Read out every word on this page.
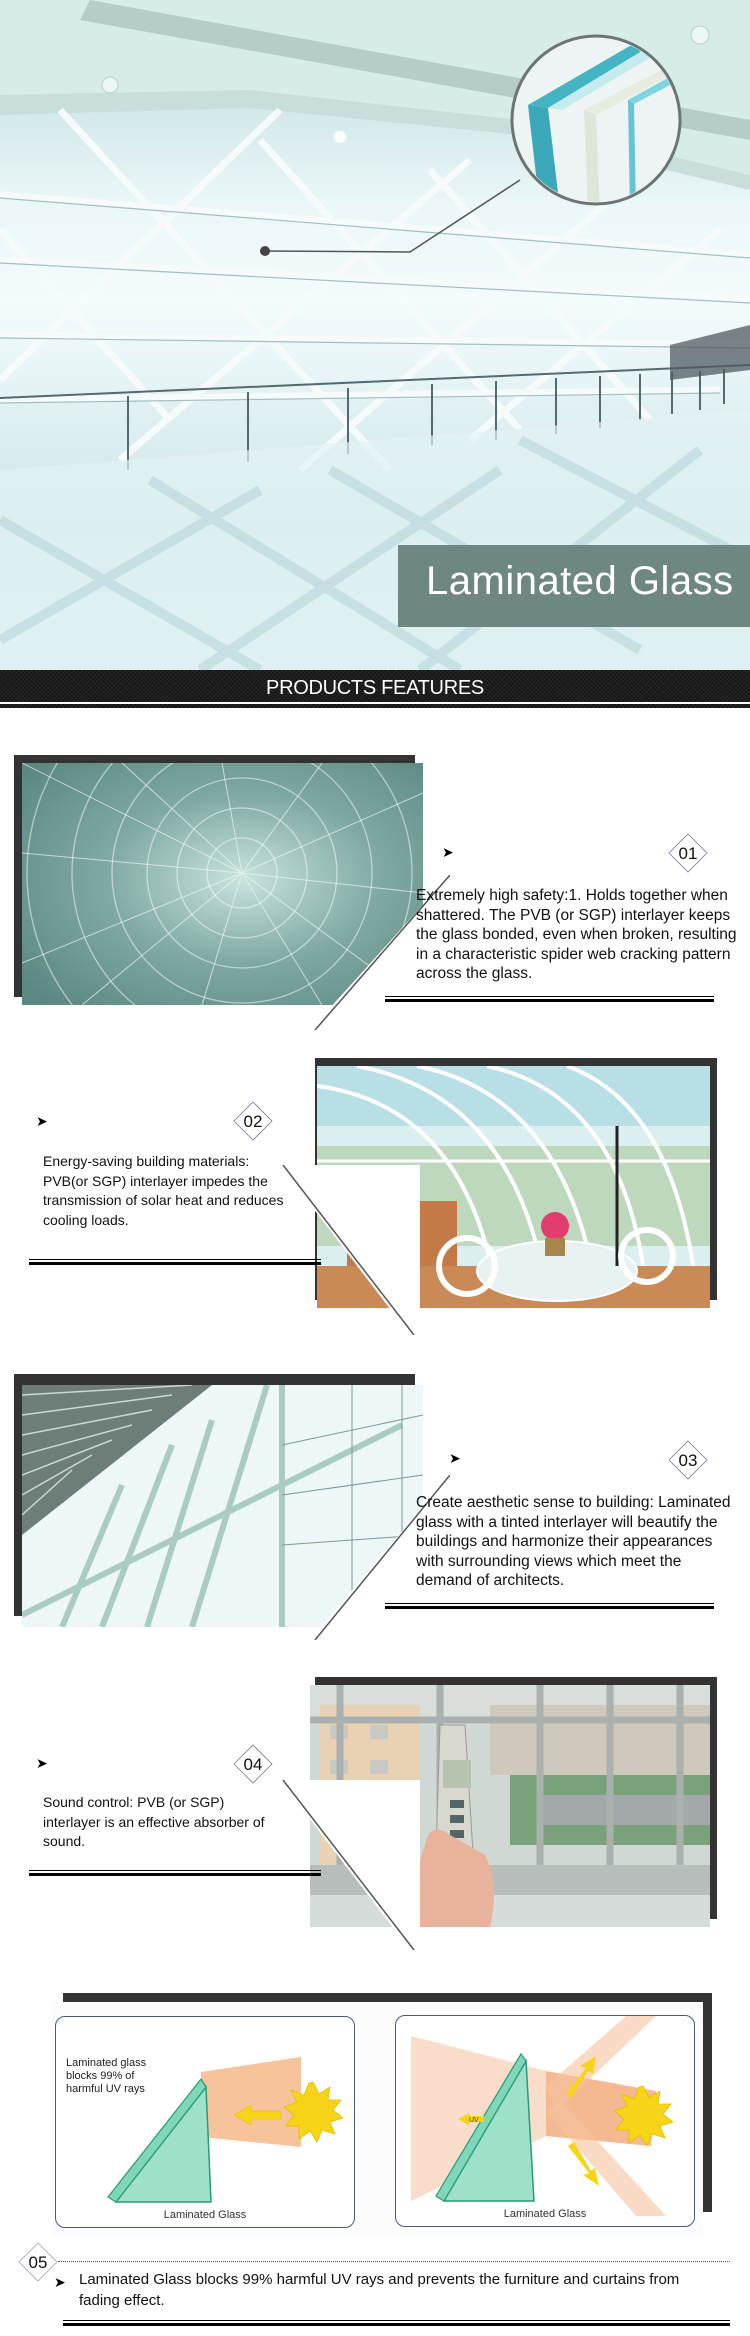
Laminated Glass
PRODUCTS FEATURES
➤	01
Extremely high safety:1. Holds together when shattered. The PVB (or SGP) interlayer keeps the glass bonded, even when broken, resulting in a characteristic spider web cracking pattern across the glass.
➤	02
Energy-saving building materials: PVB(or SGP) interlayer impedes the transmission of solar heat and reduces cooling loads.
➤	03
Create aesthetic sense to building: Laminated glass with a tinted interlayer will beautify the buildings and harmonize their appearances with surrounding views which meet the demand of architects.
➤	04
Sound control: PVB (or SGP) interlayer is an effective absorber of sound.
Laminated glass blocks 99% of harmful UV rays
Laminated Glass
UV
Laminated Glass
05
➤ Laminated Glass blocks 99% harmful UV rays and prevents the furniture and curtains from fading effect.
